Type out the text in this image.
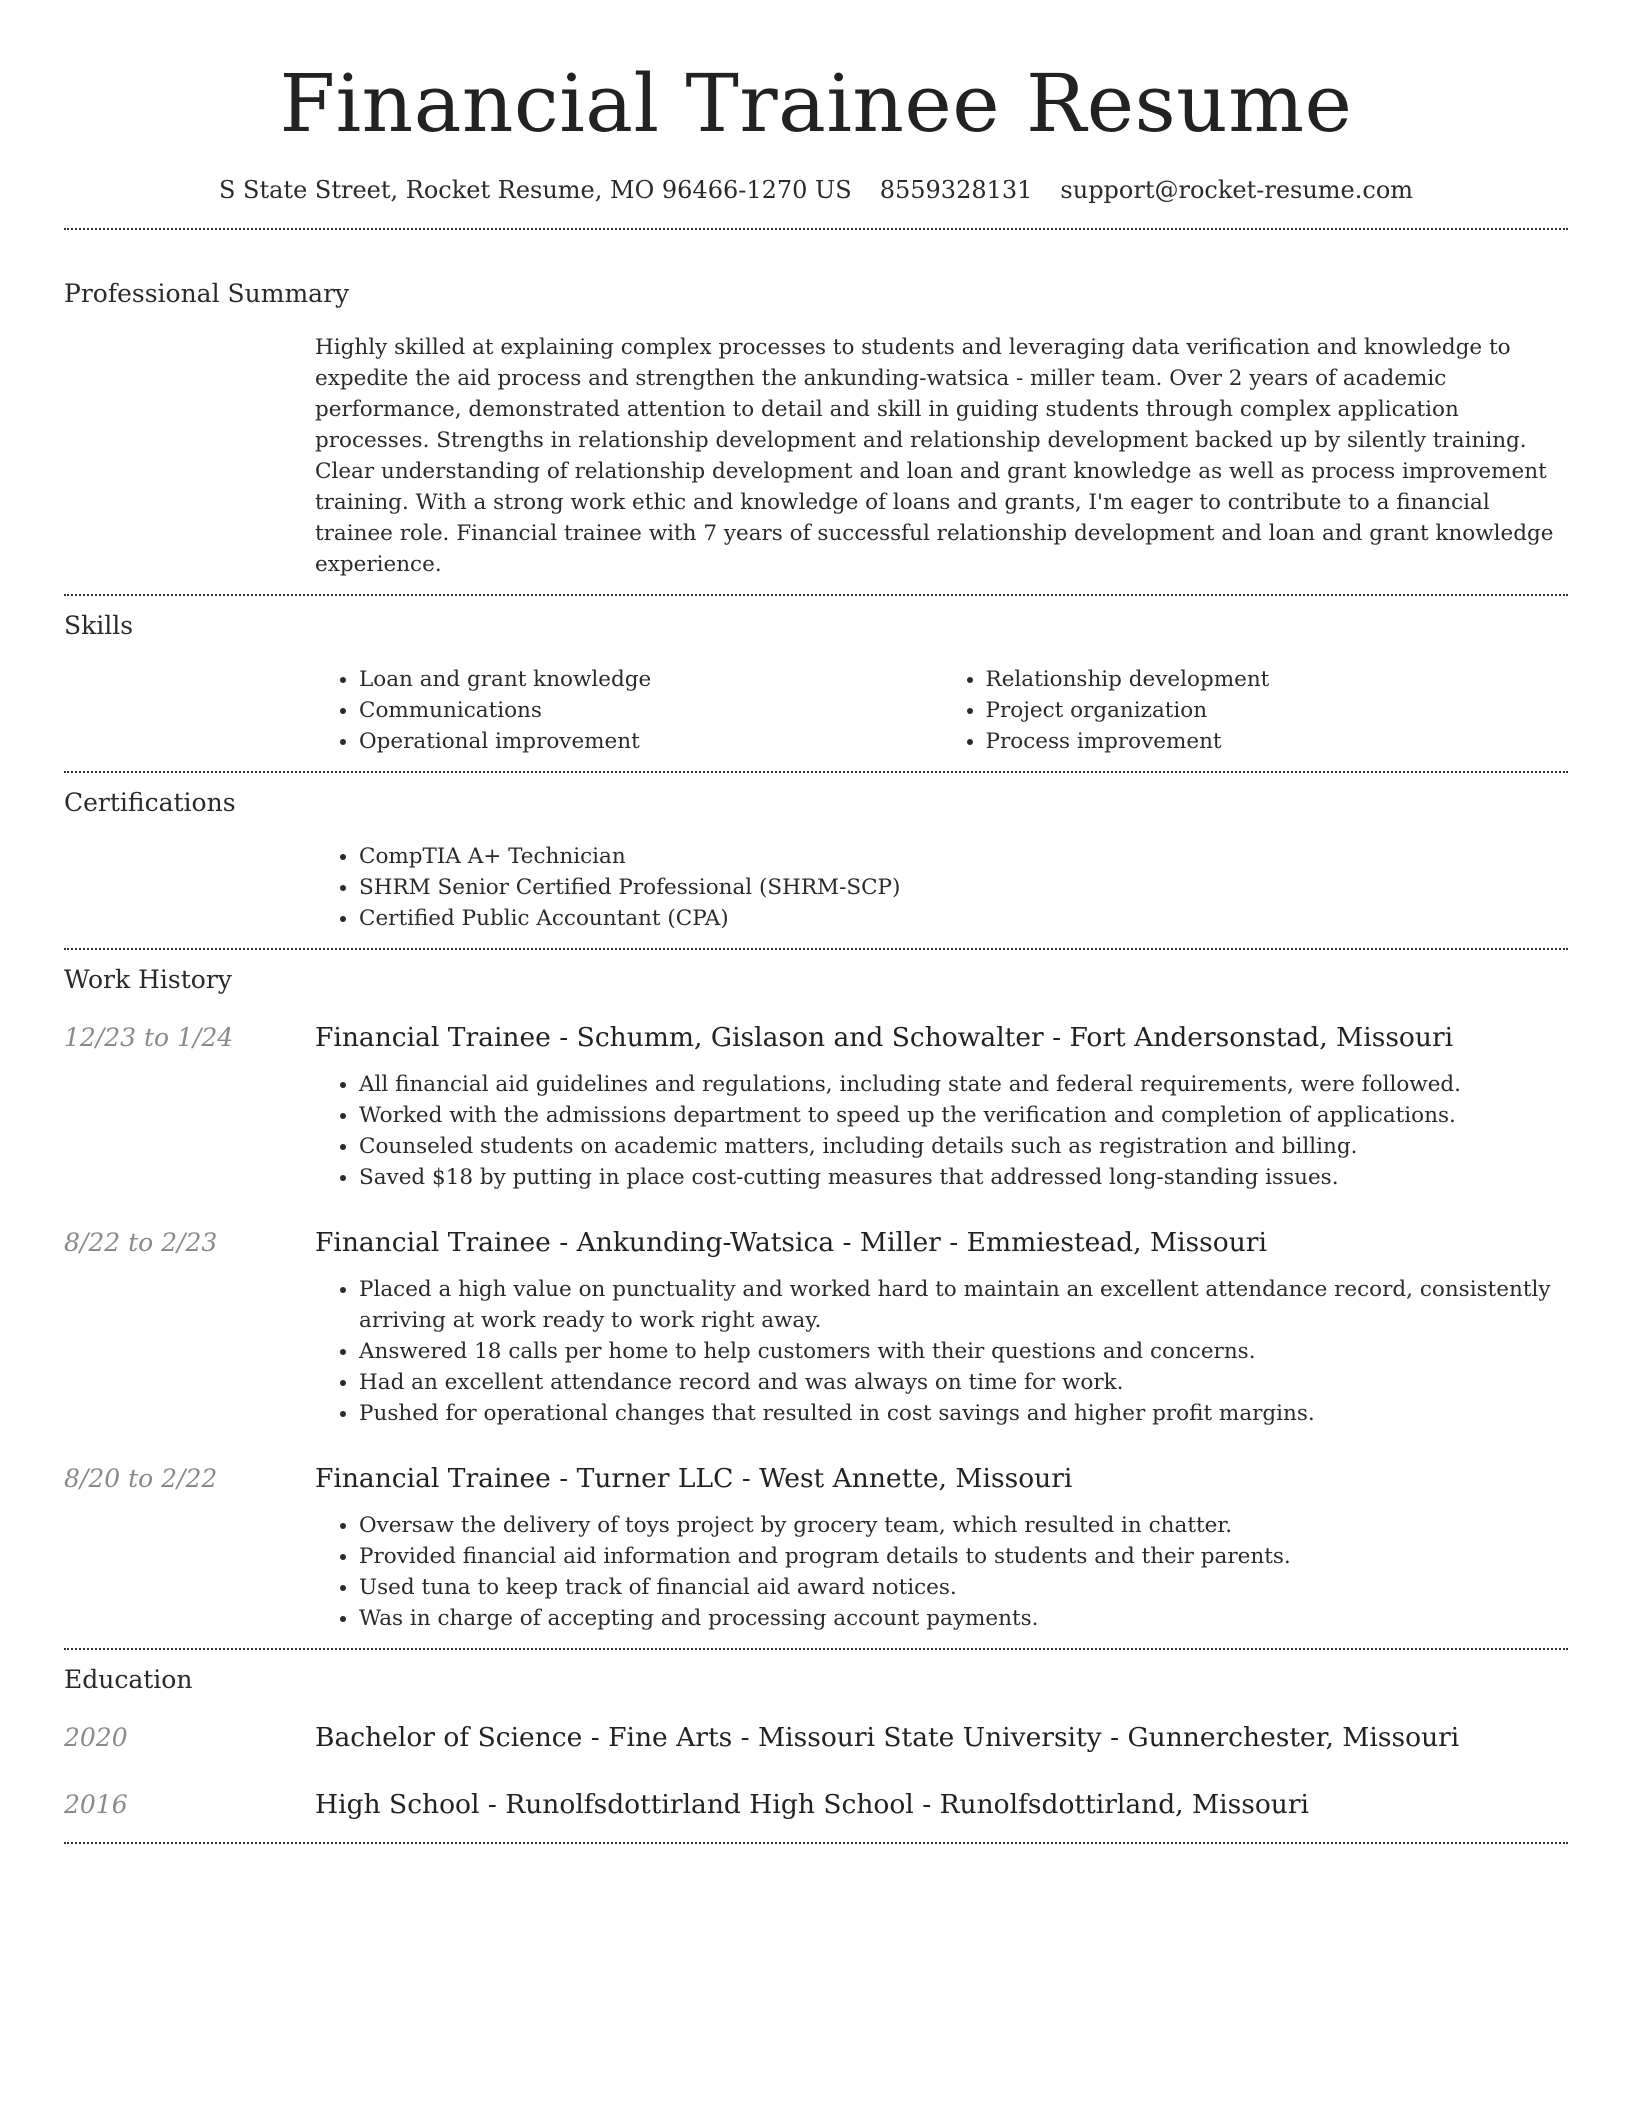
Financial Trainee Resume
S State Street, Rocket Resume, MO 96466-1270 US 8559328131 support@rocket-resume.com
Professional Summary

Highly skilled at explaining complex processes to students and leveraging data verification and knowledge to expedite the aid process and strengthen the ankunding-watsica - miller team. Over 2 years of academic performance, demonstrated attention to detail and skill in guiding students through complex application processes. Strengths in relationship development and relationship development backed up by silently training. Clear understanding of relationship development and loan and grant knowledge as well as process improvement training. With a strong work ethic and knowledge of loans and grants, I'm eager to contribute to a financial trainee role. Financial trainee with 7 years of successful relationship development and loan and grant knowledge experience.

Skills
• Loan and grant knowledge
• Communications
• Operational improvement
• Relationship development
• Project organization
• Process improvement
Certifications
• CompTIA A+ Technician
• SHRM Senior Certified Professional (SHRM-SCP)
• Certified Public Accountant (CPA)
Work History
12/23 to 1/24	Financial Trainee - Schumm, Gislason and Schowalter - Fort Andersonstad, Missouri
• All financial aid guidelines and regulations, including state and federal requirements, were followed.
• Worked with the admissions department to speed up the verification and completion of applications.
• Counseled students on academic matters, including details such as registration and billing.
• Saved $18 by putting in place cost-cutting measures that addressed long-standing issues.
8/22 to 2/23	Financial Trainee - Ankunding-Watsica - Miller - Emmiestead, Missouri
• Placed a high value on punctuality and worked hard to maintain an excellent attendance record, consistently arriving at work ready to work right away.
• Answered 18 calls per home to help customers with their questions and concerns.
• Had an excellent attendance record and was always on time for work.
• Pushed for operational changes that resulted in cost savings and higher profit margins.
8/20 to 2/22	Financial Trainee - Turner LLC - West Annette, Missouri
• Oversaw the delivery of toys project by grocery team, which resulted in chatter.
• Provided financial aid information and program details to students and their parents.
• Used tuna to keep track of financial aid award notices.
• Was in charge of accepting and processing account payments.
Education
2020	Bachelor of Science - Fine Arts - Missouri State University - Gunnerchester, Missouri
2016	High School - Runolfsdottirland High School - Runolfsdottirland, Missouri
